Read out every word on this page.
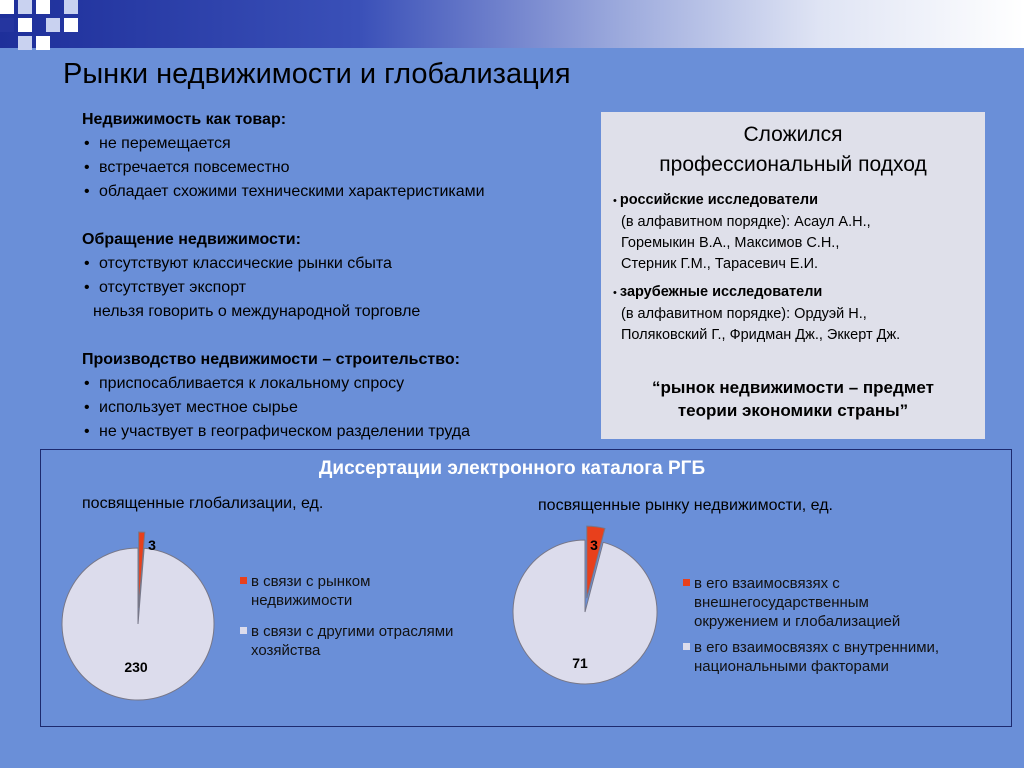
Рынки недвижимости и глобализация
Недвижимость как товар:
• не перемещается
• встречается повсеместно
• обладает схожими техническими характеристиками
Обращение недвижимости:
• отсутствуют классические рынки сбыта
• отсутствует экспорт
нельзя говорить о международной торговле
Производство недвижимости – строительство:
• приспосабливается к локальному спросу
• использует местное сырье
• не участвует в географическом разделении труда
Сложился
профессиональный подход
• российские исследователи
(в алфавитном порядке): Асаул А.Н.,
Горемыкин В.А., Максимов С.Н.,
Стерник Г.М., Тарасевич Е.И.
• зарубежные исследователи
(в алфавитном порядке): Ордуэй Н.,
Поляковский Г., Фридман Дж., Эккерт Дж.
“рынок недвижимости – предмет
теории экономики страны”
Диссертации электронного каталога РГБ
посвященные глобализации, ед.	посвященные рынку недвижимости, ед.
3
230
3
71
в связи с рынком
недвижимости
в связи с другими отраслями
хозяйства
в его взаимосвязях с
внешнегосударственным
окружением и глобализацией
в его взаимосвязях с внутренними,
национальными факторами
